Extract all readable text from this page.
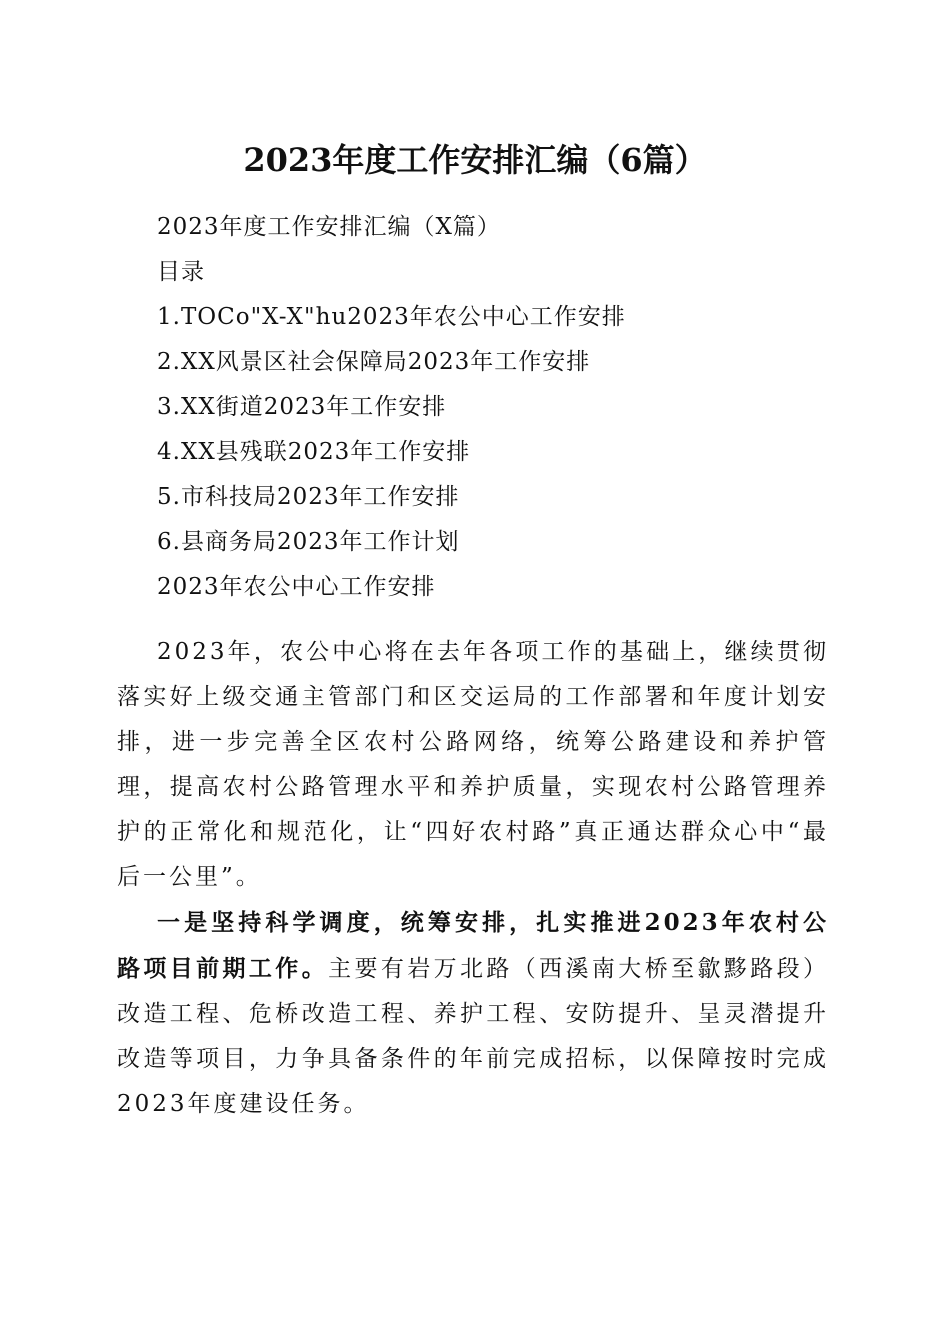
2023年度工作安排汇编（6篇）

2023年度工作安排汇编（X篇）

目录

1.TOCo"X-X"hu2023年农公中心工作安排

2.XX风景区社会保障局2023年工作安排

3.XX街道2023年工作安排

4.XX县残联2023年工作安排

5.市科技局2023年工作安排

6.县商务局2023年工作计划

2023年农公中心工作安排

2023年，农公中心将在去年各项工作的基础上，继续贯彻落实好上级交通主管部门和区交运局的工作部署和年度计划安排，进一步完善全区农村公路网络，统筹公路建设和养护管理，提高农村公路管理水平和养护质量，实现农村公路管理养护的正常化和规范化，让“四好农村路”真正通达群众心中“最后一公里”。

一是坚持科学调度，统筹安排，扎实推进2023年农村公路项目前期工作。主要有岩万北路（西溪南大桥至歙黟路段）改造工程、危桥改造工程、养护工程、安防提升、呈灵潜提升改造等项目，力争具备条件的年前完成招标，以保障按时完成2023年度建设任务。
